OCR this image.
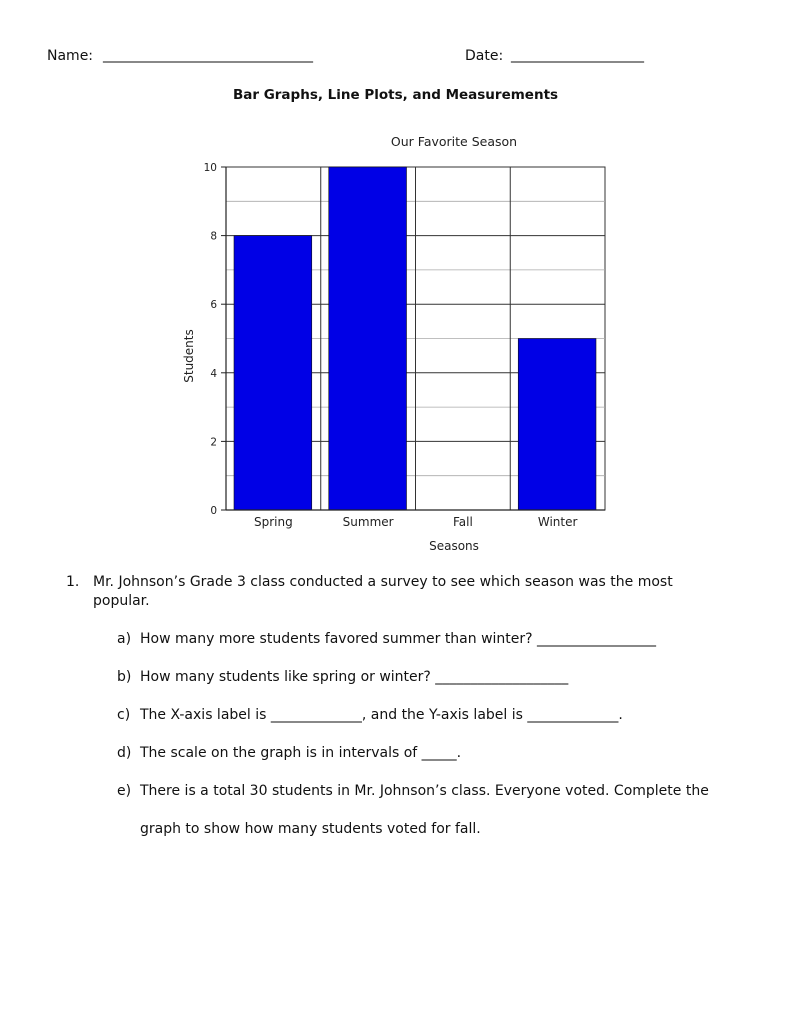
Name: ______________________________	Date: ___________________
Bar Graphs, Line Plots, and Measurements
Our Favorite Season
0
2
4
6
8
10
Spring	Summer	Fall	Winter
Seasons
Students
1. Mr. Johnson’s Grade 3 class conducted a survey to see which season was the most
popular.
a) How many more students favored summer than winter? _________________
b) How many students like spring or winter? ___________________
c) The X-axis label is _____________, and the Y-axis label is _____________.
d) The scale on the graph is in intervals of _____.
e) There is a total 30 students in Mr. Johnson’s class. Everyone voted. Complete the
graph to show how many students voted for fall.
